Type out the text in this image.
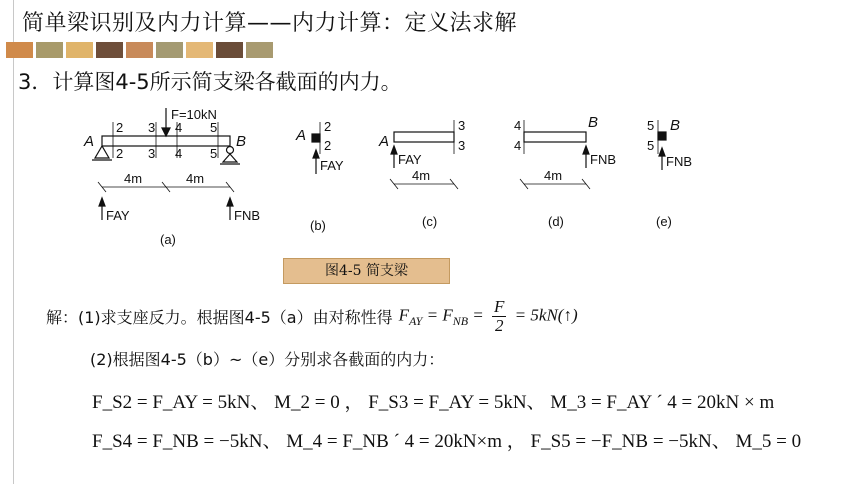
简单梁识别及内力计算——内力计算：定义法求解
3．计算图4-5所示简支梁各截面的内力。
F=10kN
A	B
2
2
3
3
4
4
5
5
4m	4m
FAY	FNB
(a)
A
2
2
FAY
(b)
A
3
3
FAY
4m
(c)
4
4
B
FNB
4m
(d)
5
5
B
FNB
(e)
图4-5 简支梁
解：(1)求支座反力。根据图4-5（a）由对称性得 $F_{AY} = F_{NB} = \frac{F}{2}$ = 5kN(↑)
(2)根据图4-5（b）~（e）分别求各截面的内力：
F_S2 = F_AY = 5kN、 M_2 = 0 ， F_S3 = F_AY = 5kN、 M_3 = F_AY ´ 4 = 20kN × m
F_S4 = F_NB = −5kN、 M_4 = F_NB ´ 4 = 20kN×m ， F_S5 = −F_NB = −5kN、 M_5 = 0
